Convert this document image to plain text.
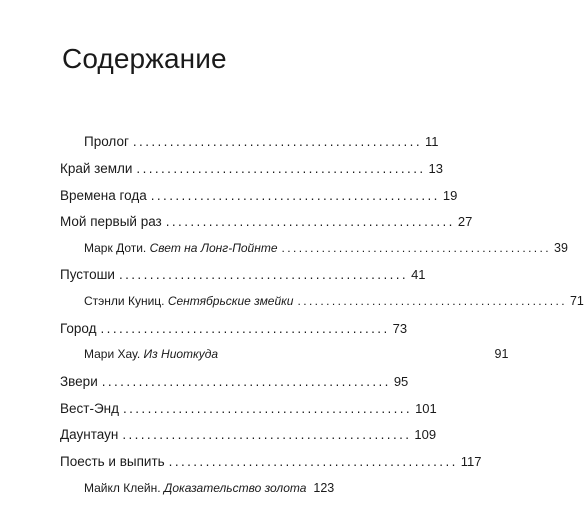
Содержание
Пролог ............................................... 11
Край земли ............................................... 13
Времена года ............................................... 19
Мой первый раз ............................................... 27
Марк Доти. Свет на Лонг-Пойнте ............................................... 39
Пустоши ............................................... 41
Стэнли Куниц. Сентябрьские змейки ............................................... 71
Город ............................................... 73
Мари Хау. Из Ниоткуда	91
Звери ............................................... 95
Вест-Энд ............................................... 101
Даунтаун ............................................... 109
Поесть и выпить ............................................... 117
Майкл Клейн. Доказательство золота 123
